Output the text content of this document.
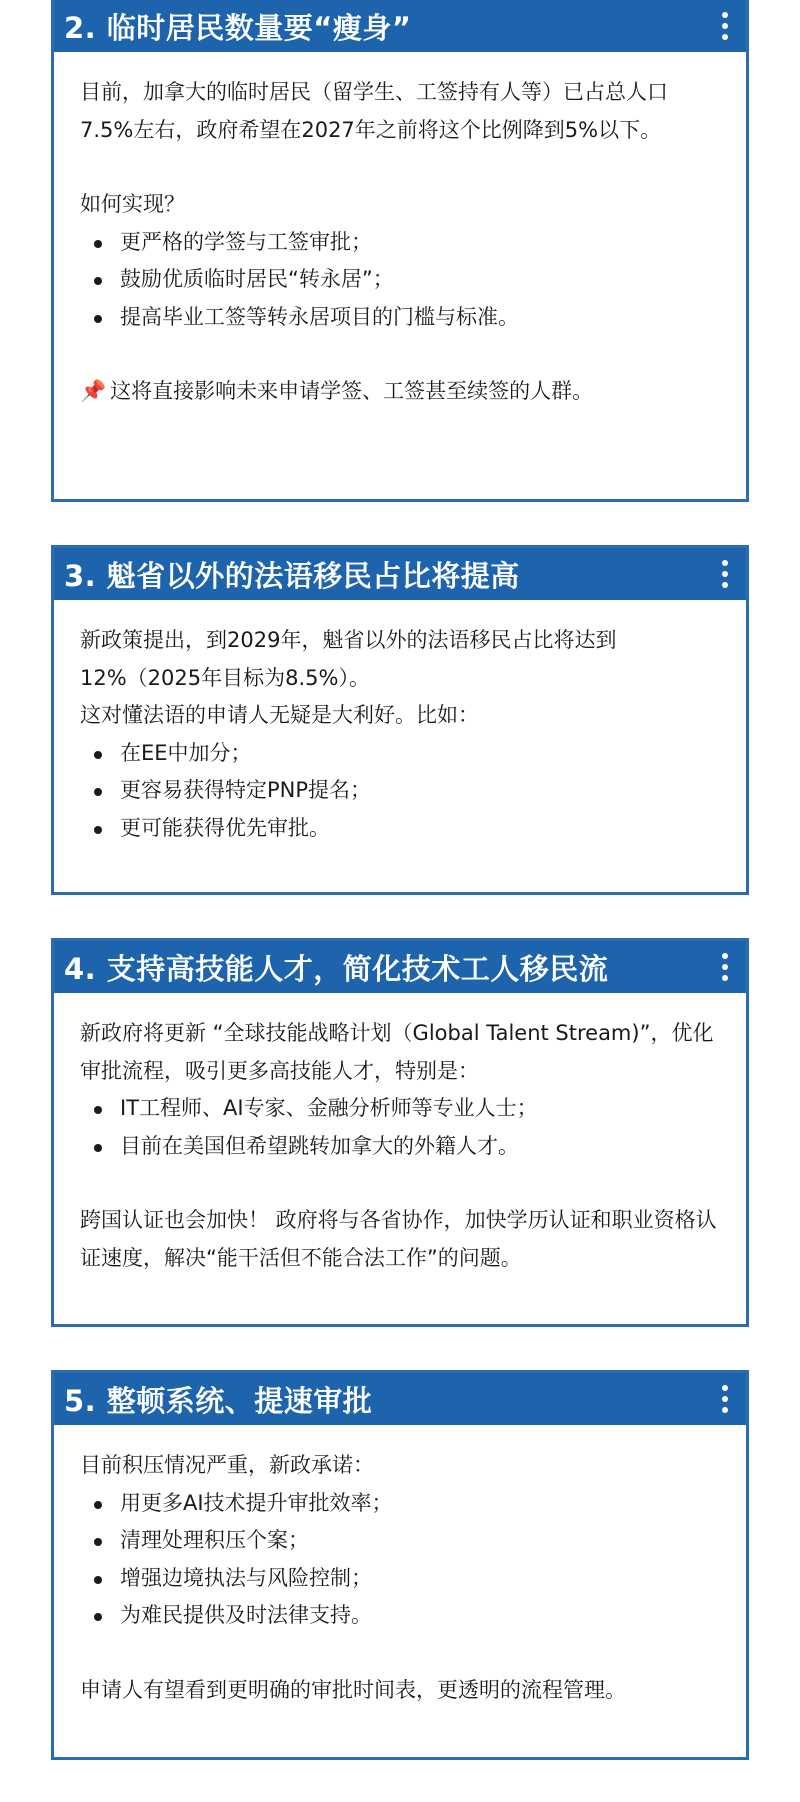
2. 临时居民数量要“瘦身”

目前，加拿大的临时居民（留学生、工签持有人等）已占总人口7.5%左右，政府希望在2027年之前将这个比例降到5%以下。

如何实现？

更严格的学签与工签审批；
鼓励优质临时居民“转永居”；
提高毕业工签等转永居项目的门槛与标准。

📌 这将直接影响未来申请学签、工签甚至续签的人群。

3. 魁省以外的法语移民占比将提高

新政策提出，到2029年，魁省以外的法语移民占比将达到12%（2025年目标为8.5%）。

这对懂法语的申请人无疑是大利好。比如：

在EE中加分；
更容易获得特定PNP提名；
更可能获得优先审批。
4. 支持高技能人才，简化技术工人移民流

新政府将更新 “全球技能战略计划（Global Talent Stream)”，优化审批流程，吸引更多高技能人才，特别是：

IT工程师、AI专家、金融分析师等专业人士；
目前在美国但希望跳转加拿大的外籍人才。

跨国认证也会加快！ 政府将与各省协作，加快学历认证和职业资格认证速度，解决“能干活但不能合法工作”的问题。

5. 整顿系统、提速审批

目前积压情况严重，新政承诺：

用更多AI技术提升审批效率；
清理处理积压个案；
增强边境执法与风险控制；
为难民提供及时法律支持。

申请人有望看到更明确的审批时间表，更透明的流程管理。
